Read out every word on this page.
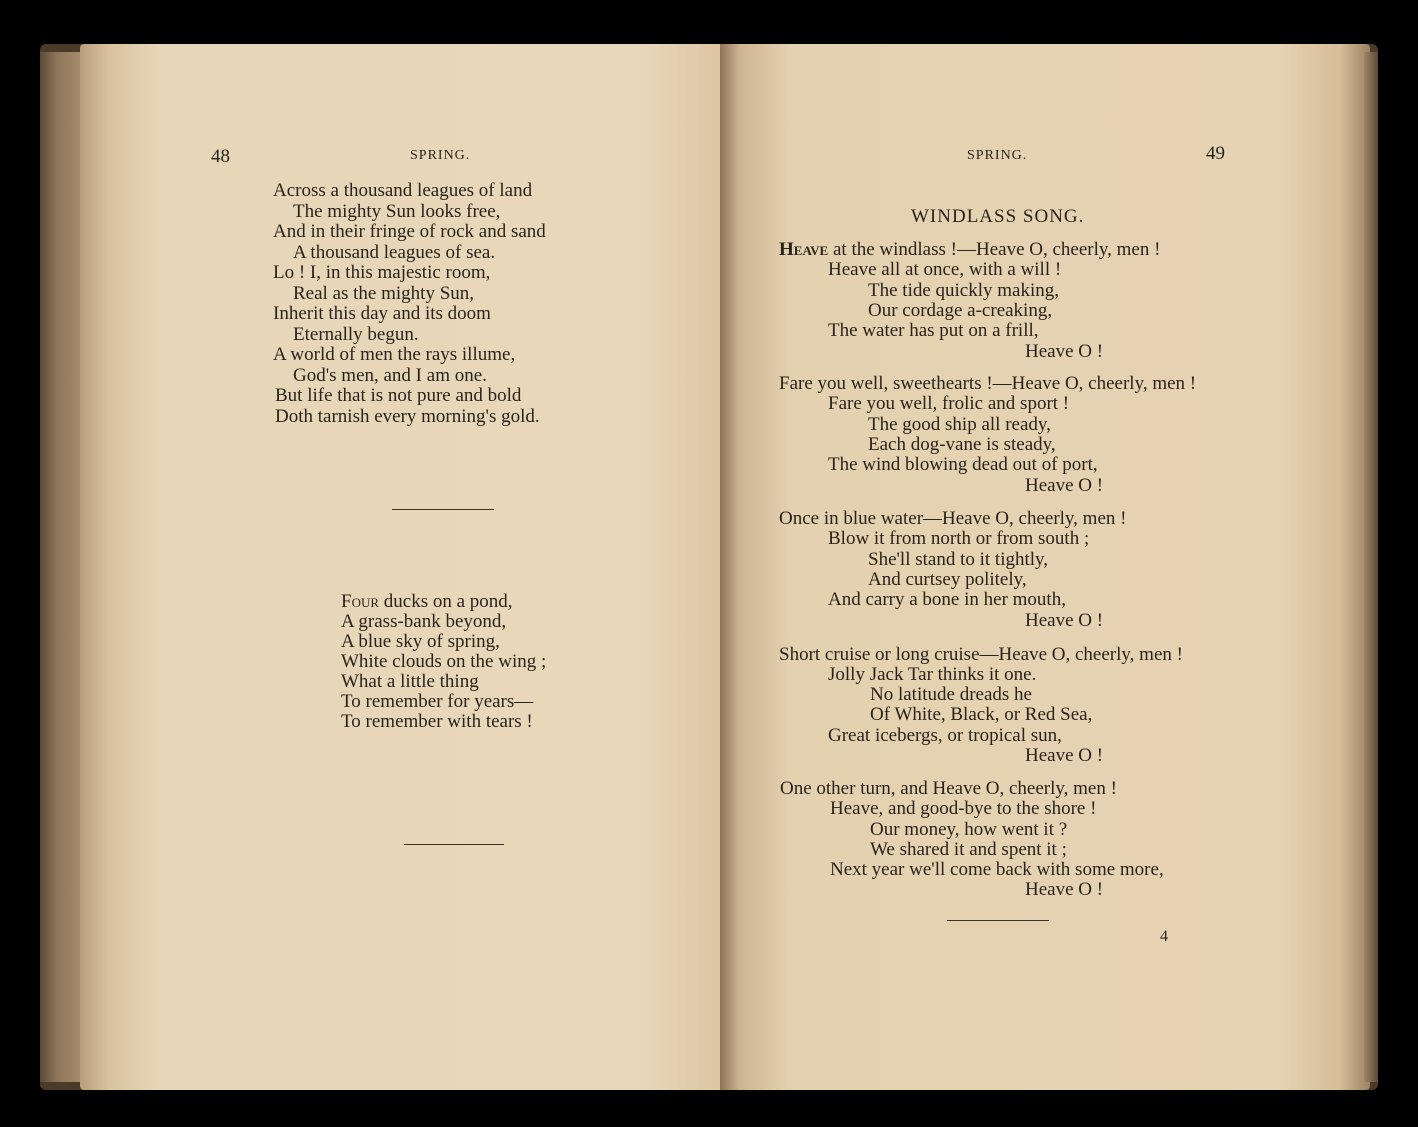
48	SPRING.
Across a thousand leagues of land
The mighty Sun looks free,
And in their fringe of rock and sand
A thousand leagues of sea.
Lo ! I, in this majestic room,
Real as the mighty Sun,
Inherit this day and its doom
Eternally begun.
A world of men the rays illume,
God's men, and I am one.
But life that is not pure and bold
Doth tarnish every morning's gold.
Four ducks on a pond,
A grass-bank beyond,
A blue sky of spring,
White clouds on the wing ;
What a little thing
To remember for years—
To remember with tears !
SPRING.	49
WINDLASS SONG.
Heave at the windlass !—Heave O, cheerly, men !
Heave all at once, with a will !
The tide quickly making,
Our cordage a-creaking,
The water has put on a frill,
Heave O !
Fare you well, sweethearts !—Heave O, cheerly, men !
Fare you well, frolic and sport !
The good ship all ready,
Each dog-vane is steady,
The wind blowing dead out of port,
Heave O !
Once in blue water—Heave O, cheerly, men !
Blow it from north or from south ;
She'll stand to it tightly,
And curtsey politely,
And carry a bone in her mouth,
Heave O !
Short cruise or long cruise—Heave O, cheerly, men !
Jolly Jack Tar thinks it one.
No latitude dreads he
Of White, Black, or Red Sea,
Great icebergs, or tropical sun,
Heave O !
One other turn, and Heave O, cheerly, men !
Heave, and good-bye to the shore !
Our money, how went it ?
We shared it and spent it ;
Next year we'll come back with some more,
Heave O !
4
